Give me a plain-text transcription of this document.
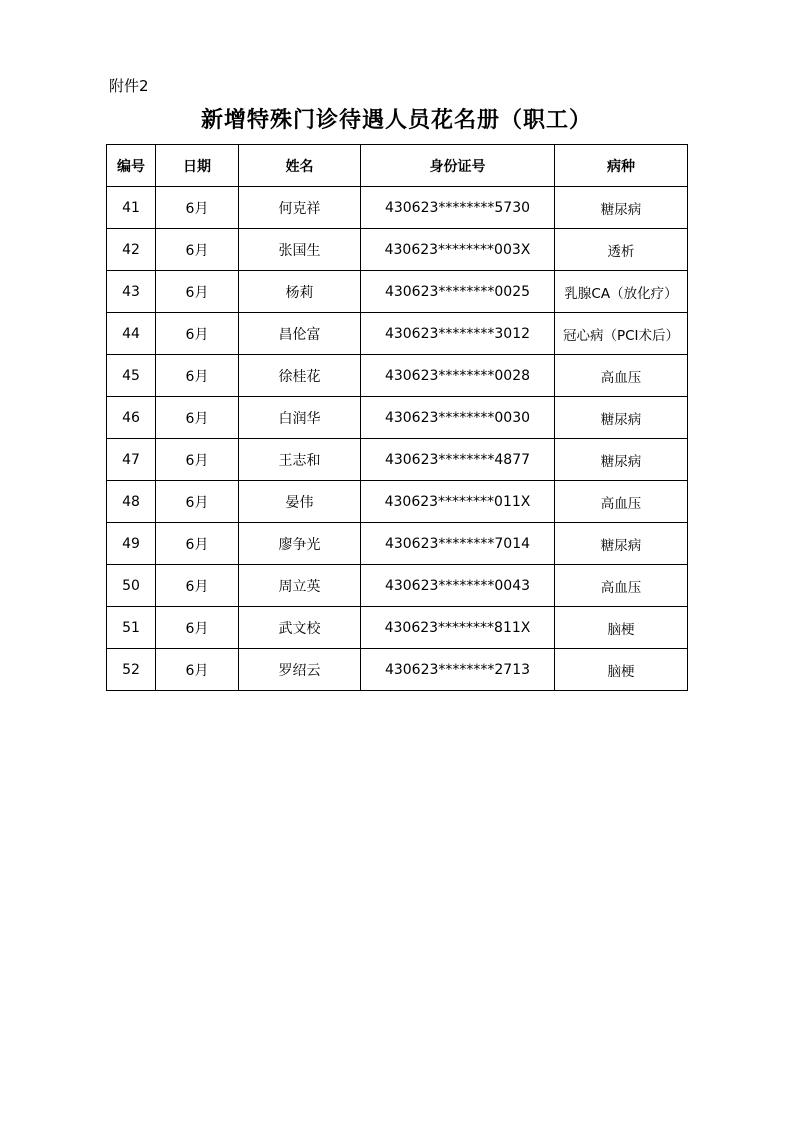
附件2
新增特殊门诊待遇人员花名册（职工）
编号	日期	姓名	身份证号	病种
41	6月	何克祥	430623********5730	糖尿病
42	6月	张国生	430623********003X	透析
43	6月	杨莉	430623********0025	乳腺CA（放化疗）
44	6月	昌伦富	430623********3012	冠心病（PCI术后）
45	6月	徐桂花	430623********0028	高血压
46	6月	白润华	430623********0030	糖尿病
47	6月	王志和	430623********4877	糖尿病
48	6月	晏伟	430623********011X	高血压
49	6月	廖争光	430623********7014	糖尿病
50	6月	周立英	430623********0043	高血压
51	6月	武文校	430623********811X	脑梗
52	6月	罗绍云	430623********2713	脑梗
